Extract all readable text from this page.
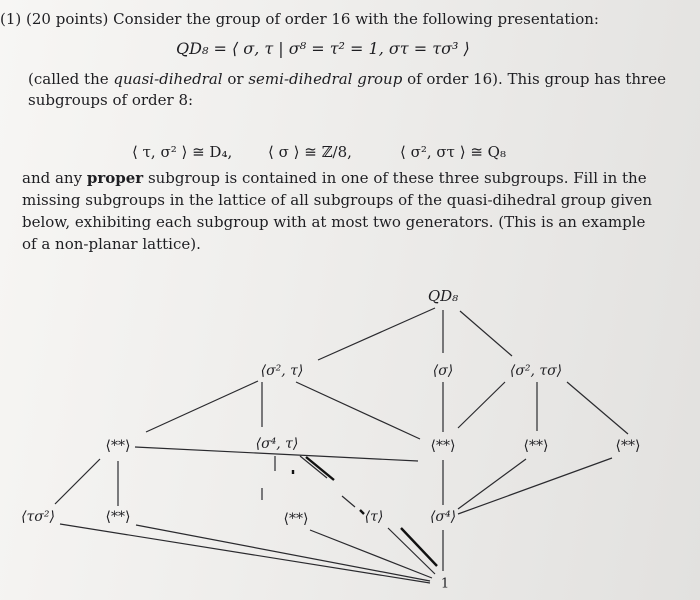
(1) (20 points) Consider the group of order 16 with the following presentation:
QD₈ = ⟨ σ, τ | σ⁸ = τ² = 1, στ = τσ³ ⟩
(called the quasi-dihedral or semi-dihedral group of order 16). This group has three
subgroups of order 8:
⟨ τ, σ² ⟩ ≅ D₄, ⟨ σ ⟩ ≅ ℤ/8,	⟨ σ², στ ⟩ ≅ Q₈
and any proper subgroup is contained in one of these three subgroups. Fill in the
missing subgroups in the lattice of all subgroups of the quasi-dihedral group given
below, exhibiting each subgroup with at most two generators. (This is an example
of a non-planar lattice).
QD₈
⟨σ², τ⟩	⟨σ⟩	⟨σ², τσ⟩
⟨**⟩	⟨σ⁴, τ⟩	⟨**⟩	⟨**⟩	⟨**⟩
⟨τσ²⟩	⟨**⟩	⟨**⟩	⟨τ⟩	⟨σ⁴⟩
1
